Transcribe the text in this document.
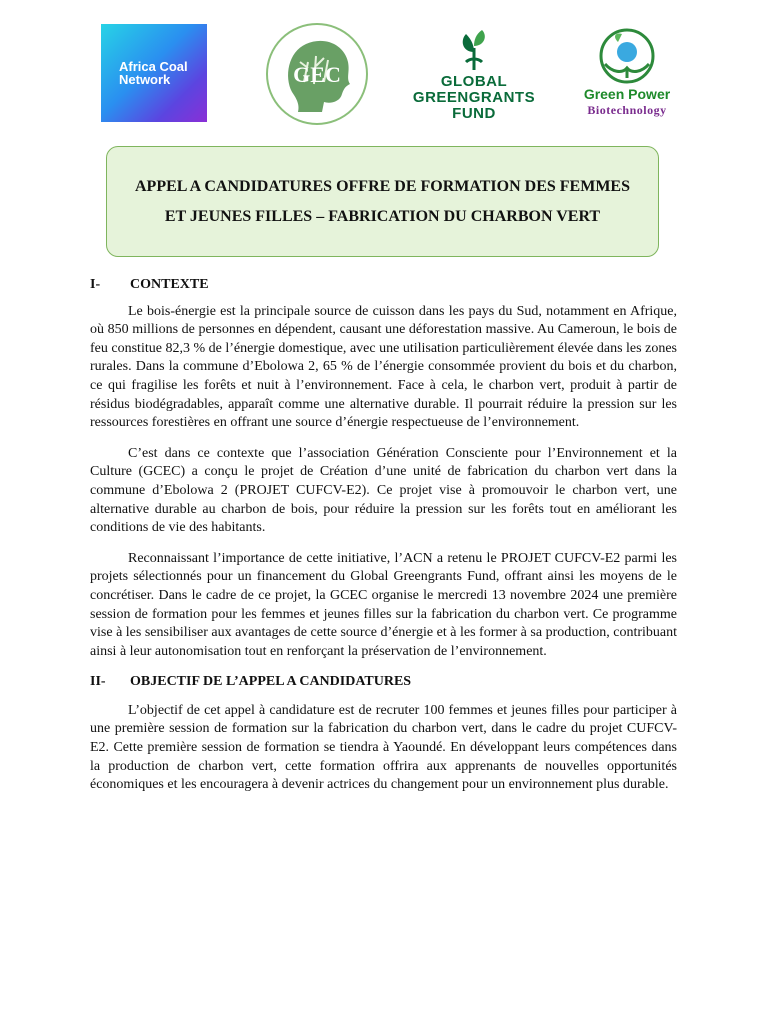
Africa Coal Network	GEC	GLOBAL
GREENGRANTS
FUND
Green Power
Biotechnology
APPEL A CANDIDATURES OFFRE DE FORMATION DES FEMMES ET JEUNES FILLES – FABRICATION DU CHARBON VERT
I-	CONTEXTE

Le bois-énergie est la principale source de cuisson dans les pays du Sud, notamment en Afrique, où 850 millions de personnes en dépendent, causant une déforestation massive. Au Cameroun, le bois de feu constitue 82,3 % de l’énergie domestique, avec une utilisation particulièrement élevée dans les zones rurales. Dans la commune d’Ebolowa 2, 65 % de l’énergie consommée provient du bois et du charbon, ce qui fragilise les forêts et nuit à l’environnement. Face à cela, le charbon vert, produit à partir de résidus biodégradables, apparaît comme une alternative durable. Il pourrait réduire la pression sur les ressources forestières en offrant une source d’énergie respectueuse de l’environnement.

C’est dans ce contexte que l’association Génération Consciente pour l’Environnement et la Culture (GCEC) a conçu le projet de Création d’une unité de fabrication du charbon vert dans la commune d’Ebolowa 2 (PROJET CUFCV-E2). Ce projet vise à promouvoir le charbon vert, une alternative durable au charbon de bois, pour réduire la pression sur les forêts tout en améliorant les conditions de vie des habitants.

Reconnaissant l’importance de cette initiative, l’ACN a retenu le PROJET CUFCV-E2 parmi les projets sélectionnés pour un financement du Global Greengrants Fund, offrant ainsi les moyens de le concrétiser. Dans le cadre de ce projet, la GCEC organise le mercredi 13 novembre 2024 une première session de formation pour les femmes et jeunes filles sur la fabrication du charbon vert. Ce programme vise à les sensibiliser aux avantages de cette source d’énergie et à les former à sa production, contribuant ainsi à leur autonomisation tout en renforçant la préservation de l’environnement.

II-	OBJECTIF DE L’APPEL A CANDIDATURES

L’objectif de cet appel à candidature est de recruter 100 femmes et jeunes filles pour participer à une première session de formation sur la fabrication du charbon vert, dans le cadre du projet CUFCV-E2. Cette première session de formation se tiendra à Yaoundé. En développant leurs compétences dans la production de charbon vert, cette formation offrira aux apprenants de nouvelles opportunités économiques et les encouragera à devenir actrices du changement pour un environnement plus durable.
